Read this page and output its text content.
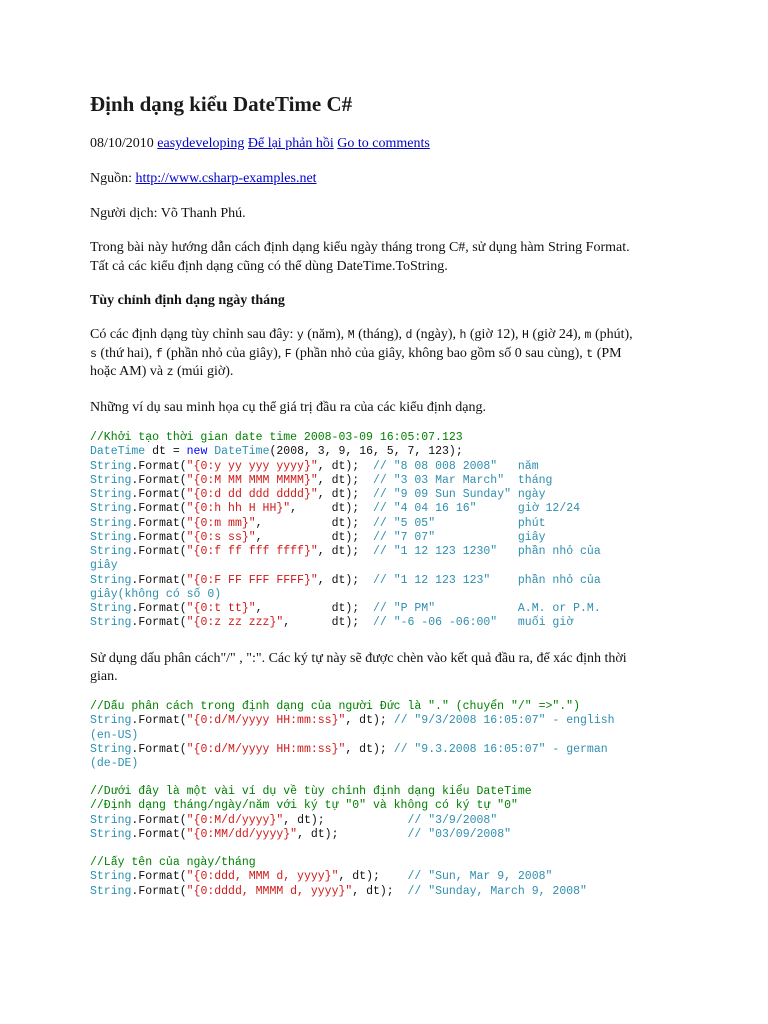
Định dạng kiểu DateTime C#
08/10/2010 easydeveloping Để lại phản hồi Go to comments
Nguồn: http://www.csharp-examples.net
Người dịch: Võ Thanh Phú.
Trong bài này hướng dẫn cách định dạng kiểu ngày tháng trong C#, sử dụng hàm String Format.
Tất cả các kiểu định dạng cũng có thể dùng DateTime.ToString.
Tùy chỉnh định dạng ngày tháng
Có các định dạng tùy chỉnh sau đây: y (năm), M (tháng), d (ngày), h (giờ 12), H (giờ 24), m (phút),
s (thứ hai), f (phần nhỏ của giây), F (phần nhỏ của giây, không bao gồm số 0 sau cùng), t (PM
hoặc AM) và z (múi giờ).
Những ví dụ sau minh họa cụ thể giá trị đầu ra của các kiểu định dạng.
//Khởi tạo thời gian date time 2008-03-09 16:05:07.123
DateTime dt = new DateTime(2008, 3, 9, 16, 5, 7, 123);
String.Format("{0:y yy yyy yyyy}", dt);  // "8 08 008 2008"   năm
String.Format("{0:M MM MMM MMMM}", dt);  // "3 03 Mar March"  tháng
String.Format("{0:d dd ddd dddd}", dt);  // "9 09 Sun Sunday" ngày
String.Format("{0:h hh H HH}",     dt);  // "4 04 16 16"      giờ 12/24
String.Format("{0:m mm}",          dt);  // "5 05"            phút
String.Format("{0:s ss}",          dt);  // "7 07"            giây
String.Format("{0:f ff fff ffff}", dt);  // "1 12 123 1230"   phần nhỏ của
giây
String.Format("{0:F FF FFF FFFF}", dt);  // "1 12 123 123"    phần nhỏ của
giây(không có số 0)
String.Format("{0:t tt}",          dt);  // "P PM"            A.M. or P.M.
String.Format("{0:z zz zzz}",      dt);  // "-6 -06 -06:00"   muối giờ
Sử dụng dấu phân cách"/" , ":". Các ký tự này sẽ được chèn vào kết quả đầu ra, để xác định thời
gian.
//Dấu phân cách trong định dạng của người Đức là "." (chuyển "/" =>".")
String.Format("{0:d/M/yyyy HH:mm:ss}", dt); // "9/3/2008 16:05:07" - english
(en-US)
String.Format("{0:d/M/yyyy HH:mm:ss}", dt); // "9.3.2008 16:05:07" - german
(de-DE)
//Dưới đây là một vài ví dụ về tùy chỉnh định dạng kiểu DateTime
//Định dạng tháng/ngày/năm với ký tự "0" và không có ký tự "0"
String.Format("{0:M/d/yyyy}", dt);            // "3/9/2008"
String.Format("{0:MM/dd/yyyy}", dt);          // "03/09/2008"
//Lấy tên của ngày/tháng
String.Format("{0:ddd, MMM d, yyyy}", dt);    // "Sun, Mar 9, 2008"
String.Format("{0:dddd, MMMM d, yyyy}", dt);  // "Sunday, March 9, 2008"
